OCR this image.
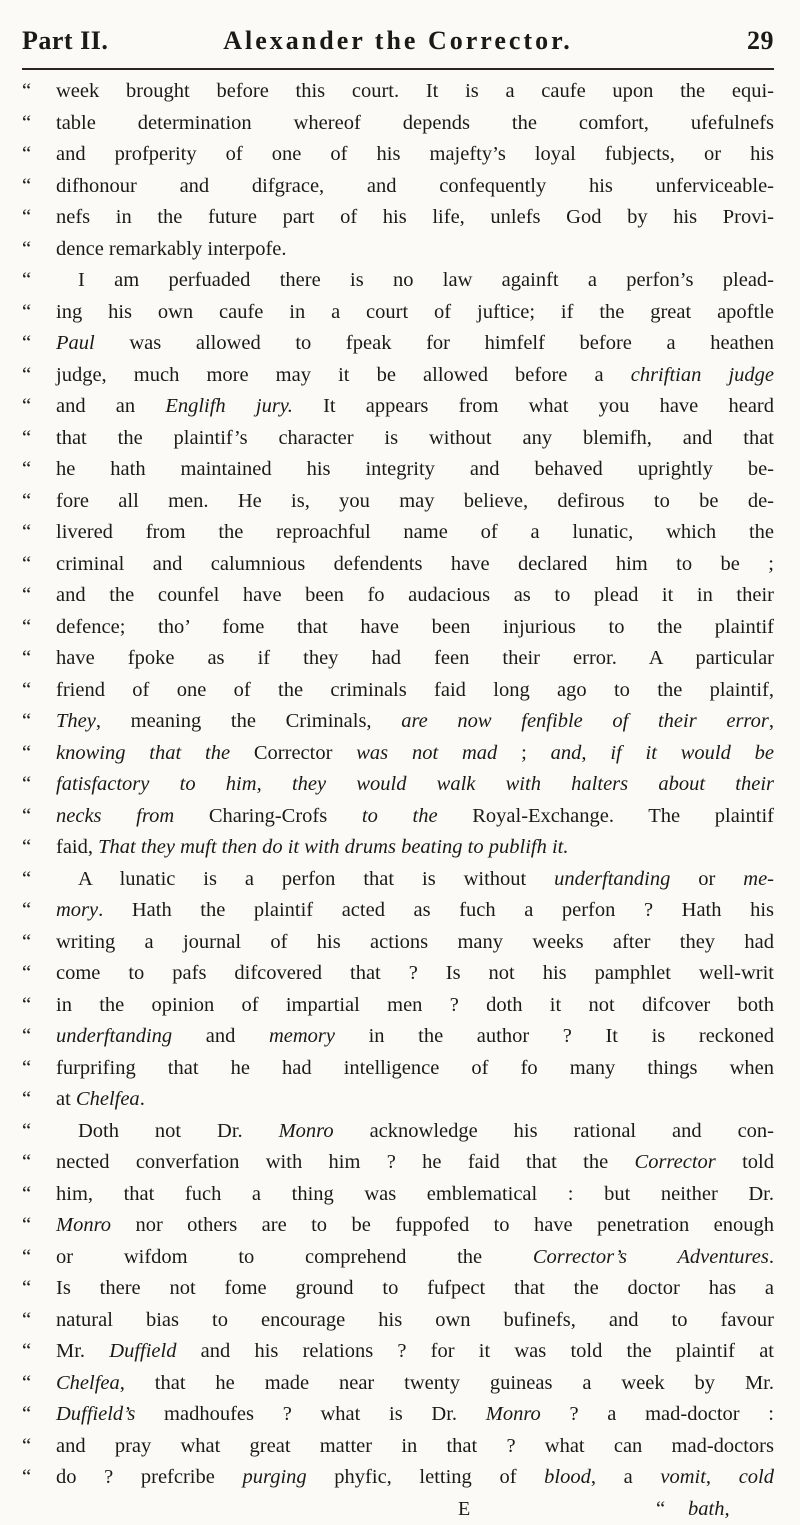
Part II.	Alexander the Corrector.	29
“	week brought before this court. It is a caufe upon the equi-
“	table determination whereof depends the comfort, ufefulnefs
“	and profperity of one of his majefty’s loyal fubjects, or his
“	difhonour and difgrace, and confequently his unferviceable-
“	nefs in the future part of his life, unlefs God by his Provi-
“	dence remarkably interpofe.
“	I am perfuaded there is no law againft a perfon’s plead-
“	ing his own caufe in a court of juftice; if the great apoftle
“	Paul was allowed to fpeak for himfelf before a heathen
“	judge, much more may it be allowed before a chriftian judge
“	and an Englifh jury. It appears from what you have heard
“	that the plaintif’s character is without any blemifh, and that
“	he hath maintained his integrity and behaved uprightly be-
“	fore all men. He is, you may believe, defirous to be de-
“	livered from the reproachful name of a lunatic, which the
“	criminal and calumnious defendents have declared him to be ;
“	and the counfel have been fo audacious as to plead it in their
“	defence; tho’ fome that have been injurious to the plaintif
“	have fpoke as if they had feen their error. A particular
“	friend of one of the criminals faid long ago to the plaintif,
“	They, meaning the Criminals, are now fenfible of their error,
“	knowing that the Corrector was not mad ; and, if it would be
“	fatisfactory to him, they would walk with halters about their
“	necks from Charing-Crofs to the Royal-Exchange. The plaintif
“	faid, That they muft then do it with drums beating to publifh it.
“	A lunatic is a perfon that is without underftanding or me-
“	mory. Hath the plaintif acted as fuch a perfon ? Hath his
“	writing a journal of his actions many weeks after they had
“	come to pafs difcovered that ? Is not his pamphlet well-writ
“	in the opinion of impartial men ? doth it not difcover both
“	underftanding and memory in the author ? It is reckoned
“	furprifing that he had intelligence of fo many things when
“	at Chelfea.
“	Doth not Dr. Monro acknowledge his rational and con-
“	nected converfation with him ? he faid that the Corrector told
“	him, that fuch a thing was emblematical : but neither Dr.
“	Monro nor others are to be fuppofed to have penetration enough
“	or wifdom to comprehend the Corrector’s Adventures.
“	Is there not fome ground to fufpect that the doctor has a
“	natural bias to encourage his own bufinefs, and to favour
“	Mr. Duffield and his relations ? for it was told the plaintif at
“	Chelfea, that he made near twenty guineas a week by Mr.
“	Duffield’s madhoufes ? what is Dr. Monro ? a mad-doctor :
“	and pray what great matter in that ? what can mad-doctors
“	do ? prefcribe purging phyfic, letting of blood, a vomit, cold
E	“ bath,
